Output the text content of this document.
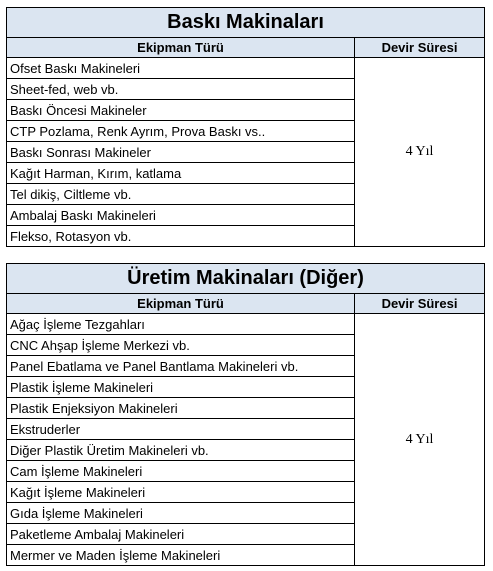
Baskı Makinaları	
Ekipman Türü	Devir Süresi
Ofset Baskı Makineleri	4 Yıl
Sheet-fed, web vb.	
Baskı Öncesi Makineler	
CTP Pozlama, Renk Ayrım, Prova Baskı vs..	
Baskı Sonrası Makineler	
Kağıt Harman, Kırım, katlama	
Tel dikiş, Ciltleme vb.	
Ambalaj Baskı Makineleri	
Flekso, Rotasyon vb.	
Üretim Makinaları (Diğer)	
Ekipman Türü	Devir Süresi
Ağaç İşleme Tezgahları	4 Yıl
CNC Ahşap İşleme Merkezi vb.	
Panel Ebatlama ve Panel Bantlama Makineleri vb.	
Plastik İşleme Makineleri	
Plastik Enjeksiyon Makineleri	
Ekstruderler	
Diğer Plastik Üretim Makineleri vb.	
Cam İşleme Makineleri	
Kağıt İşleme Makineleri	
Gıda İşleme Makineleri	
Paketleme Ambalaj Makineleri	
Mermer ve Maden İşleme Makineleri	
